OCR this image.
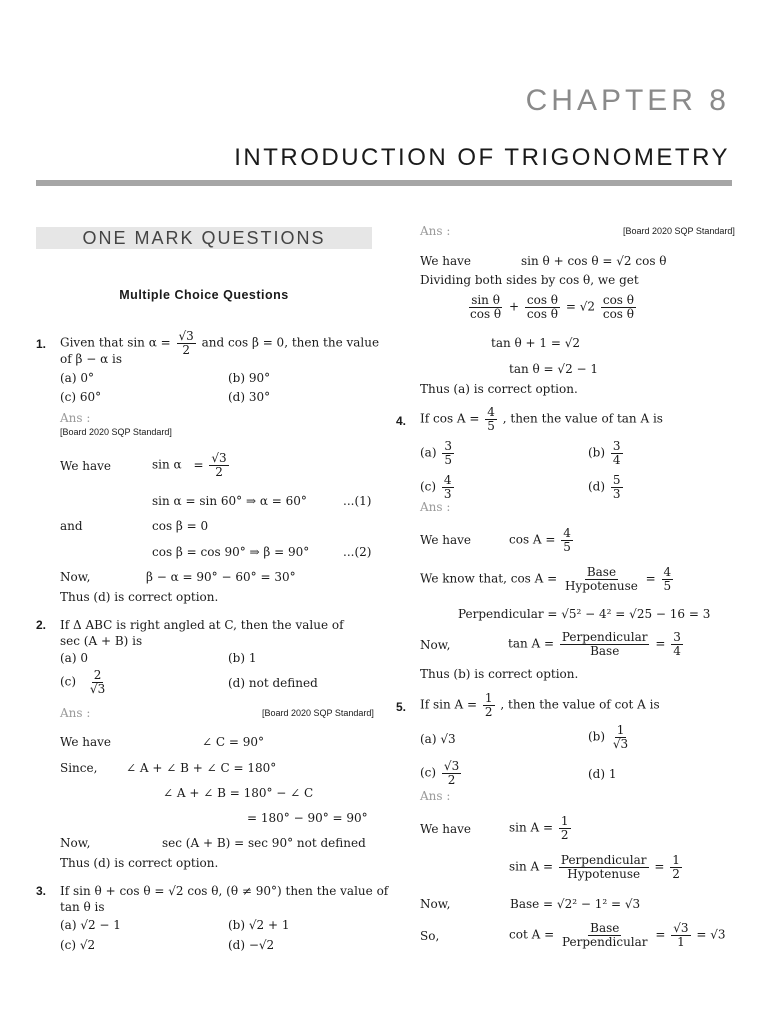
CHAPTER 8
INTRODUCTION OF TRIGONOMETRY
ONE MARK QUESTIONS
Multiple Choice Questions
1. Given that $\sin \alpha = \frac{√3}{2}$ and cos β = 0, then the value
of β − α is
(a) 0°	(b) 90°
(c) 60°	(d) 30°
Ans :
[Board 2020 SQP Standard]
We have	$\sin \alpha = \frac{√3}{2}$
sin α = sin 60° ⇒ α = 60°	...(1)
and	cos β = 0
cos β = cos 90° ⇒ β = 90°	...(2)
Now,	β − α = 90° − 60° = 30°
Thus (d) is correct option.
2. If Δ ABC is right angled at C, then the value of
sec (A + B) is
(a) 0	(b) 1
$(c) \frac{2}{√3}$	(d) not defined
Ans :	[Board 2020 SQP Standard]
We have	∠ C = 90°
Since, ∠ A + ∠ B + ∠ C = 180°
∠ A + ∠ B = 180° − ∠ C
= 180° − 90° = 90°
Now,	sec (A + B) = sec 90° not defined
Thus (d) is correct option.
3. If sin θ + cos θ = √2 cos θ, (θ ≠ 90°) then the value of
tan θ is
(a) √2 − 1	(b) √2 + 1
(c) √2	(d) −√2
Ans :	[Board 2020 SQP Standard]
We have	sin θ + cos θ = √2 cos θ
Dividing both sides by cos θ, we get
$\frac{\text{sin θ}}{\text{cos θ}} + \frac{\text{cos θ}}{\text{cos θ}} = √2 \frac{\text{cos θ}}{\text{cos θ}}$
tan θ + 1 = √2
tan θ = √2 − 1
Thus (a) is correct option.
4. If $\cos A = \frac{4}{5}$ , then the value of tan A is
$(a) \frac{3}{5}$	$(b) \frac{3}{4}$
$(c) \frac{4}{3}$	$(d) \frac{5}{3}$
Ans :
We have	$\cos A = \frac{4}{5}$
We know that, $\cos A = \frac{\text{Base}}{\text{Hypotenuse}} = \frac{4}{5}$
Perpendicular = √5² − 4² = √25 − 16 = 3
Now,	$\tan A = \frac{\text{Perpendicular}}{\text{Base}} = \frac{3}{4}$
Thus (b) is correct option.
5. If $\sin A = \frac{1}{2}$ , then the value of cot A is
(a) √3	$(b) \frac{1}{√3}$
$(c) \frac{√3}{2}$	(d) 1
Ans :
We have	$\sin A = \frac{1}{2}$
$\sin A = \frac{\text{Perpendicular}}{\text{Hypotenuse}} = \frac{1}{2}$
Now,	Base = √2² − 1² = √3
So,	$\cot A = \frac{\text{Base}}{\text{Perpendicular}} = \frac{√3}{1} = √3$
